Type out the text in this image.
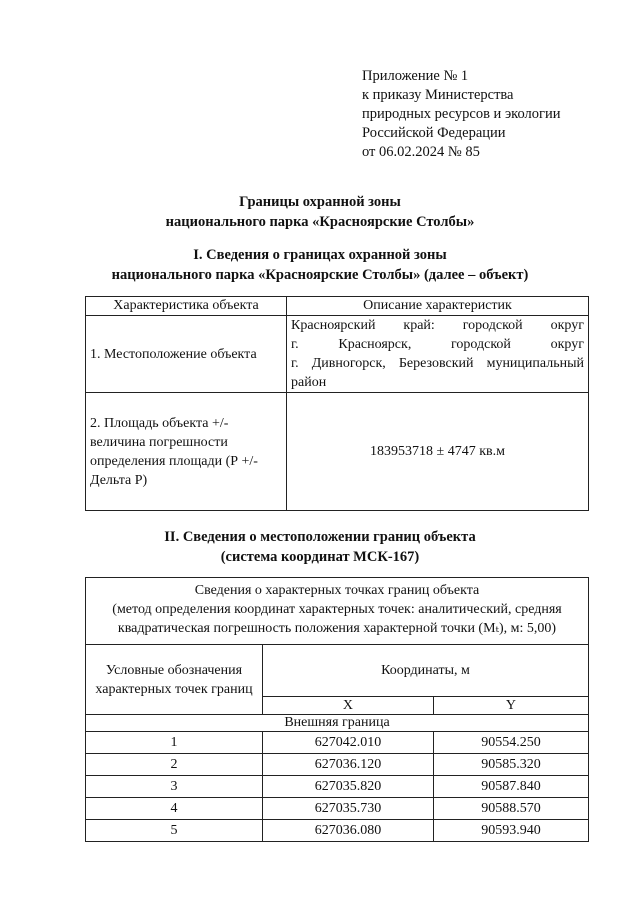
Приложение № 1
к приказу Министерства
природных ресурсов и экологии
Российской Федерации
от 06.02.2024 № 85
Границы охранной зоны
национального парка «Красноярские Столбы»
I. Сведения о границах охранной зоны
национального парка «Красноярские Столбы» (далее – объект)
Характеристика объекта	Описание характеристик
1. Местоположение объекта	Красноярский край: городской округ
г. Красноярск, городской округ
г. Дивногорск, Березовский муниципальный
район

2. Площадь объекта +/- величина погрешности определения площади (Р +/- Дельта Р)	183953718 ± 4747 кв.м
II. Сведения о местоположении границ объекта
(система координат МСК-167)
Сведения о характерных точках границ объекта
(метод определения координат характерных точек: аналитический, средняя
квадратическая погрешность положения характерной точки (Мₜ), м: 5,00)		

Условные обозначения характерных точек границ	Координаты, м	
	X	Y
Внешняя граница		
1	627042.010	90554.250
2	627036.120	90585.320
3	627035.820	90587.840
4	627035.730	90588.570
5	627036.080	90593.940
